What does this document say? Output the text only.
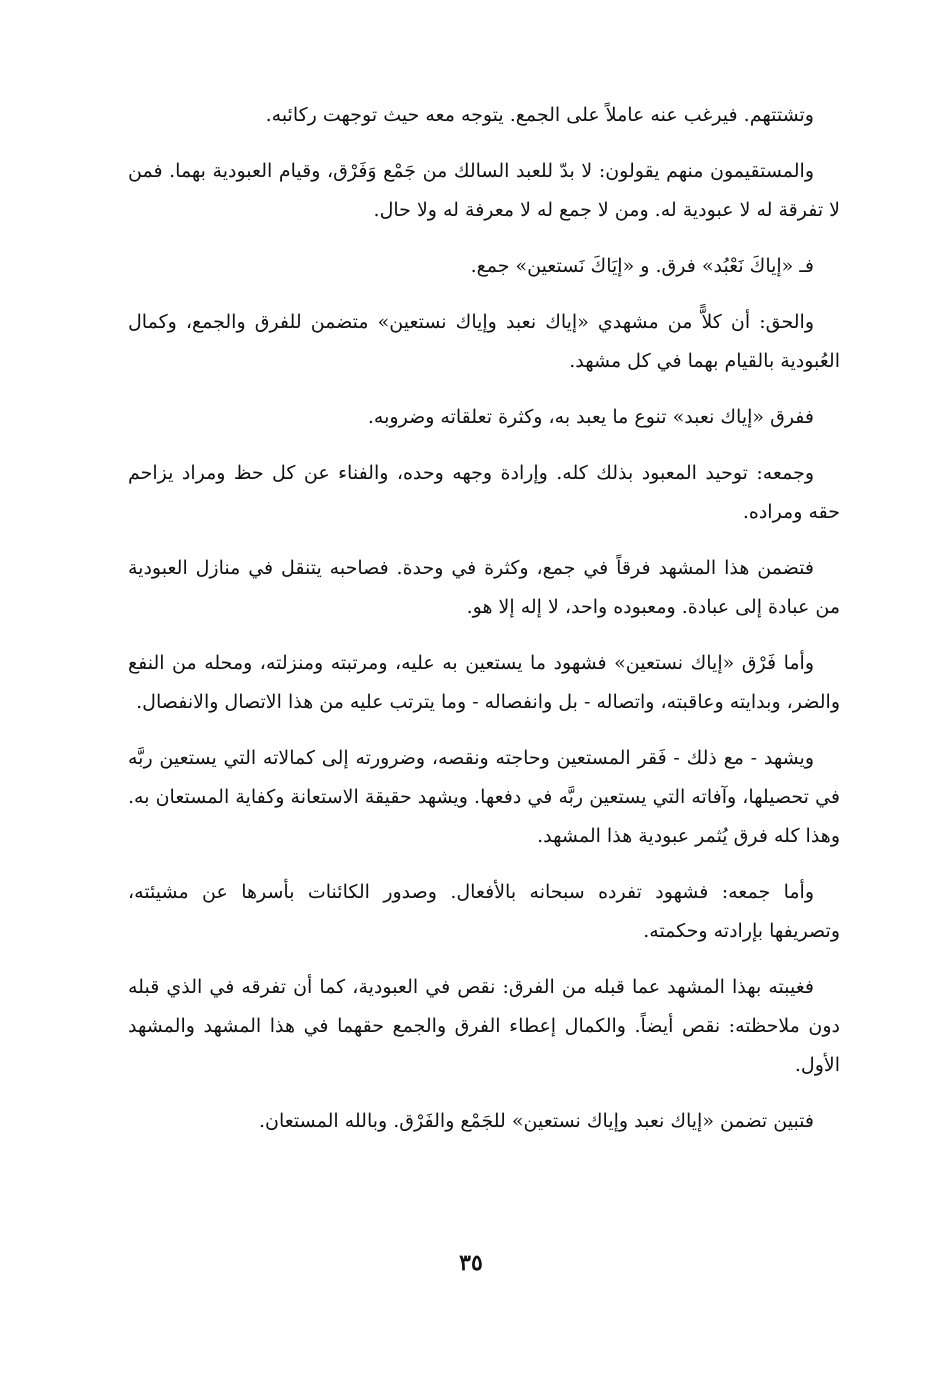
وتشتتهم. فيرغب عنه عاملاً على الجمع. يتوجه معه حيث توجهت ركائبه.

والمستقيمون منهم يقولون: لا بدّ للعبد السالك من جَمْع وَفَرْق، وقيام العبودية بهما. فمن لا تفرقة له لا عبودية له. ومن لا جمع له لا معرفة له ولا حال.

فـ «إياكَ نَعْبُد» فرق. و «إيَاكَ نَستعين» جمع.

والحق: أن كلاًّ من مشهدي «إياك نعبد وإياك نستعين» متضمن للفرق والجمع، وكمال العُبودية بالقيام بهما في كل مشهد.

ففرق «إياك نعبد» تنوع ما يعبد به، وكثرة تعلقاته وضروبه.

وجمعه: توحيد المعبود بذلك كله. وإرادة وجهه وحده، والفناء عن كل حظ ومراد يزاحم حقه ومراده.

فتضمن هذا المشهد فرقاً في جمع، وكثرة في وحدة. فصاحبه يتنقل في منازل العبودية من عبادة إلى عبادة. ومعبوده واحد، لا إله إلا هو.

وأما فَرْق «إياك نستعين» فشهود ما يستعين به عليه، ومرتبته ومنزلته، ومحله من النفع والضر، وبدايته وعاقبته، واتصاله - بل وانفصاله - وما يترتب عليه من هذا الاتصال والانفصال.

ويشهد - مع ذلك - فَقر المستعين وحاجته ونقصه، وضرورته إلى كمالاته التي يستعين ربَّه في تحصيلها، وآفاته التي يستعين ربَّه في دفعها. ويشهد حقيقة الاستعانة وكفاية المستعان به. وهذا كله فرق يُثمر عبودية هذا المشهد.

وأما جمعه: فشهود تفرده سبحانه بالأفعال. وصدور الكائنات بأسرها عن مشيئته، وتصريفها بإرادته وحكمته.

فغيبته بهذا المشهد عما قبله من الفرق: نقص في العبودية، كما أن تفرقه في الذي قبله دون ملاحظته: نقص أيضاً. والكمال إعطاء الفرق والجمع حقهما في هذا المشهد والمشهد الأول.

فتبين تضمن «إياك نعبد وإياك نستعين» للجَمْع والفَرْق. وبالله المستعان.

٣٥
